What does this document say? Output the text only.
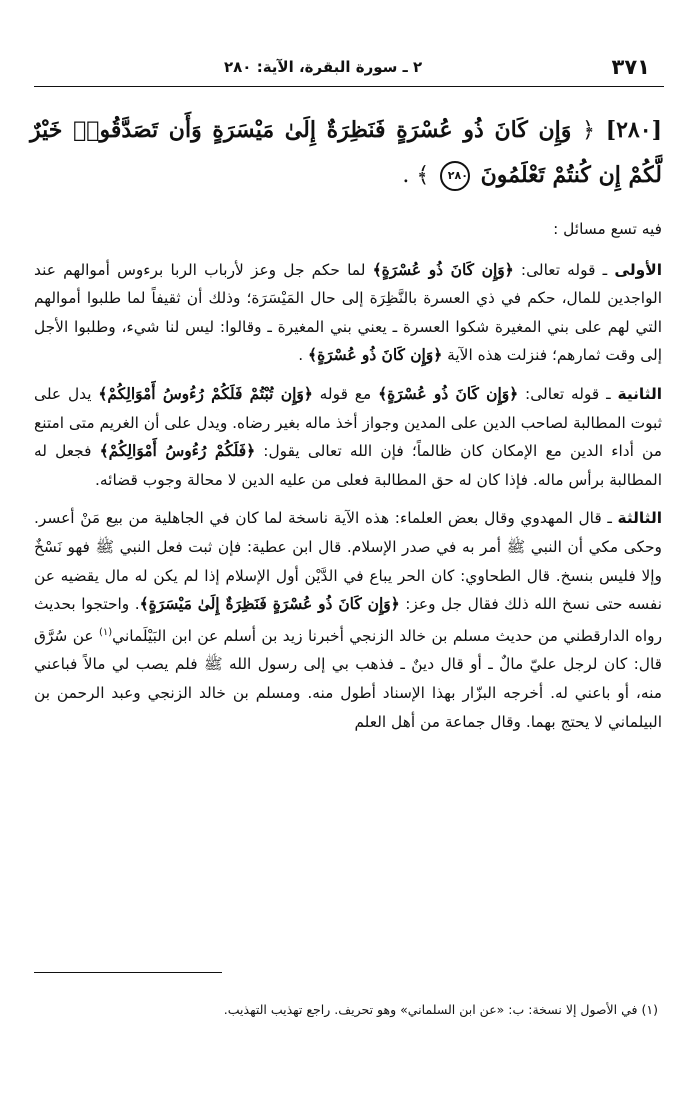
٣٧١
٢ ـ سورة البقرة، الآية: ٢٨٠
[٢٨٠] ﴿ وَإِن كَانَ ذُو عُسْرَةٍ فَنَظِرَةٌ إِلَىٰ مَيْسَرَةٍ وَأَن تَصَدَّقُوا۟ خَيْرٌ لَّكُمْ إِن كُنتُمْ تَعْلَمُونَ ٢٨٠ ﴾ .

فيه تسع مسائل :

الأولى ـ قوله تعالى: ﴿وَإِن كَانَ ذُو عُسْرَةٍ﴾ لما حكم جل وعز لأرباب الربا برءوس أموالهم عند الواجدين للمال، حكم في ذي العسرة بالنَّظِرَة إلى حال المَيْسَرَة؛ وذلك أن ثقيفاً لما طلبوا أموالهم التي لهم على بني المغيرة شكوا العسرة ـ يعني بني المغيرة ـ وقالوا: ليس لنا شيء، وطلبوا الأجل إلى وقت ثمارهم؛ فنزلت هذه الآية ﴿وَإِن كَانَ ذُو عُسْرَةٍ﴾ .

الثانية ـ قوله تعالى: ﴿وَإِن كَانَ ذُو عُسْرَةٍ﴾ مع قوله ﴿وَإِن تُبْتُمْ فَلَكُمْ رُءُوسُ أَمْوَالِكُمْ﴾ يدل على ثبوت المطالبة لصاحب الدين على المدين وجواز أخذ ماله بغير رضاه. ويدل على أن الغريم متى امتنع من أداء الدين مع الإمكان كان ظالماً؛ فإن الله تعالى يقول: ﴿فَلَكُمْ رُءُوسُ أَمْوَالِكُمْ﴾ فجعل له المطالبة برأس ماله. فإذا كان له حق المطالبة فعلى من عليه الدين لا محالة وجوب قضائه.

الثالثة ـ قال المهدوي وقال بعض العلماء: هذه الآية ناسخة لما كان في الجاهلية من بيع مَنْ أعسر. وحكى مكي أن النبي ﷺ أمر به في صدر الإسلام. قال ابن عطية: فإن ثبت فعل النبي ﷺ فهو نَسْخٌ وإلا فليس بنسخ. قال الطحاوي: كان الحر يباع في الدَّيْن أول الإسلام إذا لم يكن له مال يقضيه عن نفسه حتى نسخ الله ذلك فقال جل وعز: ﴿وَإِن كَانَ ذُو عُسْرَةٍ فَنَظِرَةٌ إِلَىٰ مَيْسَرَةٍ﴾. واحتجوا بحديث رواه الدارقطني من حديث مسلم بن خالد الزنجي أخبرنا زيد بن أسلم عن ابن البَيْلَماني$^{(١)}$ عن سُرَّق قال: كان لرجل عليّ مالٌ ـ أو قال دينٌ ـ فذهب بي إلى رسول الله ﷺ فلم يصب لي مالاً فباعني منه، أو باعني له. أخرجه البزّار بهذا الإسناد أطول منه. ومسلم بن خالد الزنجي وعبد الرحمن بن البيلماني لا يحتج بهما. وقال جماعة من أهل العلم

(١) في الأصول إلا نسخة: ب: «عن ابن السلماني» وهو تحريف. راجع تهذيب التهذيب.
